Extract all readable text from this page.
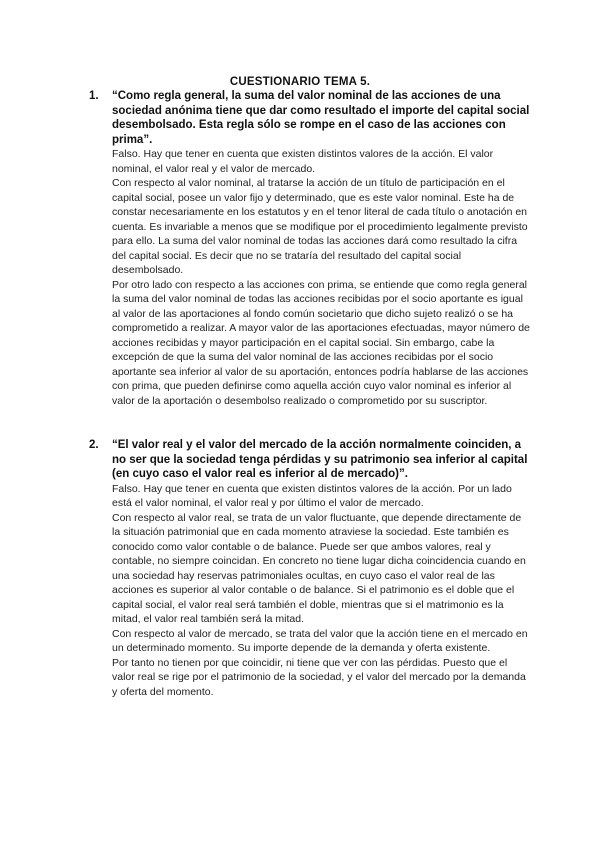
CUESTIONARIO TEMA 5.
1. “Como regla general, la suma del valor nominal de las acciones de una sociedad anónima tiene que dar como resultado el importe del capital social desembolsado. Esta regla sólo se rompe en el caso de las acciones con prima”.

Falso. Hay que tener en cuenta que existen distintos valores de la acción. El valor nominal, el valor real y el valor de mercado.

Con respecto al valor nominal, al tratarse la acción de un título de participación en el capital social, posee un valor fijo y determinado, que es este valor nominal. Este ha de constar necesariamente en los estatutos y en el tenor literal de cada título o anotación en cuenta. Es invariable a menos que se modifique por el procedimiento legalmente previsto para ello. La suma del valor nominal de todas las acciones dará como resultado la cifra del capital social. Es decir que no se trataría del resultado del capital social desembolsado.

Por otro lado con respecto a las acciones con prima, se entiende que como regla general la suma del valor nominal de todas las acciones recibidas por el socio aportante es igual al valor de las aportaciones al fondo común societario que dicho sujeto realizó o se ha comprometido a realizar. A mayor valor de las aportaciones efectuadas, mayor número de acciones recibidas y mayor participación en el capital social. Sin embargo, cabe la excepción de que la suma del valor nominal de las acciones recibidas por el socio aportante sea inferior al valor de su aportación, entonces podría hablarse de las acciones con prima, que pueden definirse como aquella acción cuyo valor nominal es inferior al valor de la aportación o desembolso realizado o comprometido por su suscriptor.

2. “El valor real y el valor del mercado de la acción normalmente coinciden, a no ser que la sociedad tenga pérdidas y su patrimonio sea inferior al capital (en cuyo caso el valor real es inferior al de mercado)”.

Falso. Hay que tener en cuenta que existen distintos valores de la acción. Por un lado está el valor nominal, el valor real y por último el valor de mercado.

Con respecto al valor real, se trata de un valor fluctuante, que depende directamente de la situación patrimonial que en cada momento atraviese la sociedad. Este también es conocido como valor contable o de balance. Puede ser que ambos valores, real y contable, no siempre coincidan. En concreto no tiene lugar dicha coincidencia cuando en una sociedad hay reservas patrimoniales ocultas, en cuyo caso el valor real de las acciones es superior al valor contable o de balance. Si el patrimonio es el doble que el capital social, el valor real será también el doble, mientras que si el matrimonio es la mitad, el valor real también será la mitad.

Con respecto al valor de mercado, se trata del valor que la acción tiene en el mercado en un determinado momento. Su importe depende de la demanda y oferta existente.

Por tanto no tienen por que coincidir, ni tiene que ver con las pérdidas. Puesto que el valor real se rige por el patrimonio de la sociedad, y el valor del mercado por la demanda y oferta del momento.
